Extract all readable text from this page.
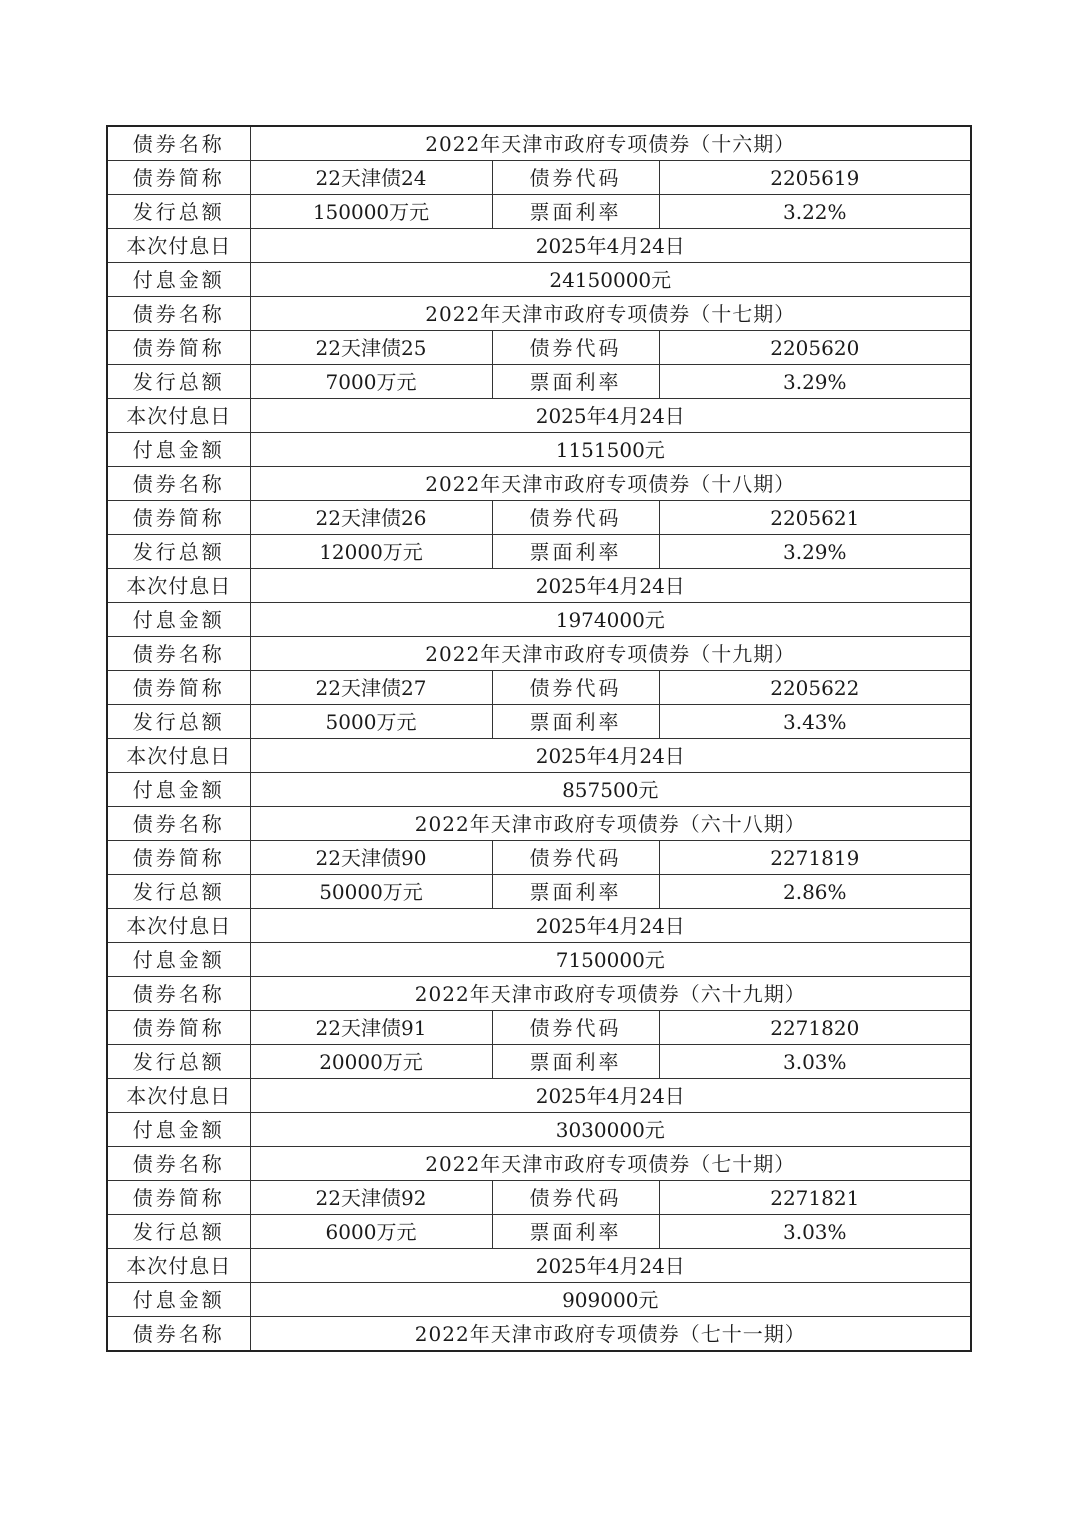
债券名称	2022年天津市政府专项债券（十六期）		
债券简称	22天津债24	债券代码	2205619
发行总额	150000万元	票面利率	3.22%
本次付息日	2025年4月24日		
付息金额	24150000元		
债券名称	2022年天津市政府专项债券（十七期）		
债券简称	22天津债25	债券代码	2205620
发行总额	7000万元	票面利率	3.29%
本次付息日	2025年4月24日		
付息金额	1151500元		
债券名称	2022年天津市政府专项债券（十八期）		
债券简称	22天津债26	债券代码	2205621
发行总额	12000万元	票面利率	3.29%
本次付息日	2025年4月24日		
付息金额	1974000元		
债券名称	2022年天津市政府专项债券（十九期）		
债券简称	22天津债27	债券代码	2205622
发行总额	5000万元	票面利率	3.43%
本次付息日	2025年4月24日		
付息金额	857500元		
债券名称	2022年天津市政府专项债券（六十八期）		
债券简称	22天津债90	债券代码	2271819
发行总额	50000万元	票面利率	2.86%
本次付息日	2025年4月24日		
付息金额	7150000元		
债券名称	2022年天津市政府专项债券（六十九期）		
债券简称	22天津债91	债券代码	2271820
发行总额	20000万元	票面利率	3.03%
本次付息日	2025年4月24日		
付息金额	3030000元		
债券名称	2022年天津市政府专项债券（七十期）		
债券简称	22天津债92	债券代码	2271821
发行总额	6000万元	票面利率	3.03%
本次付息日	2025年4月24日		
付息金额	909000元		
债券名称	2022年天津市政府专项债券（七十一期）		
